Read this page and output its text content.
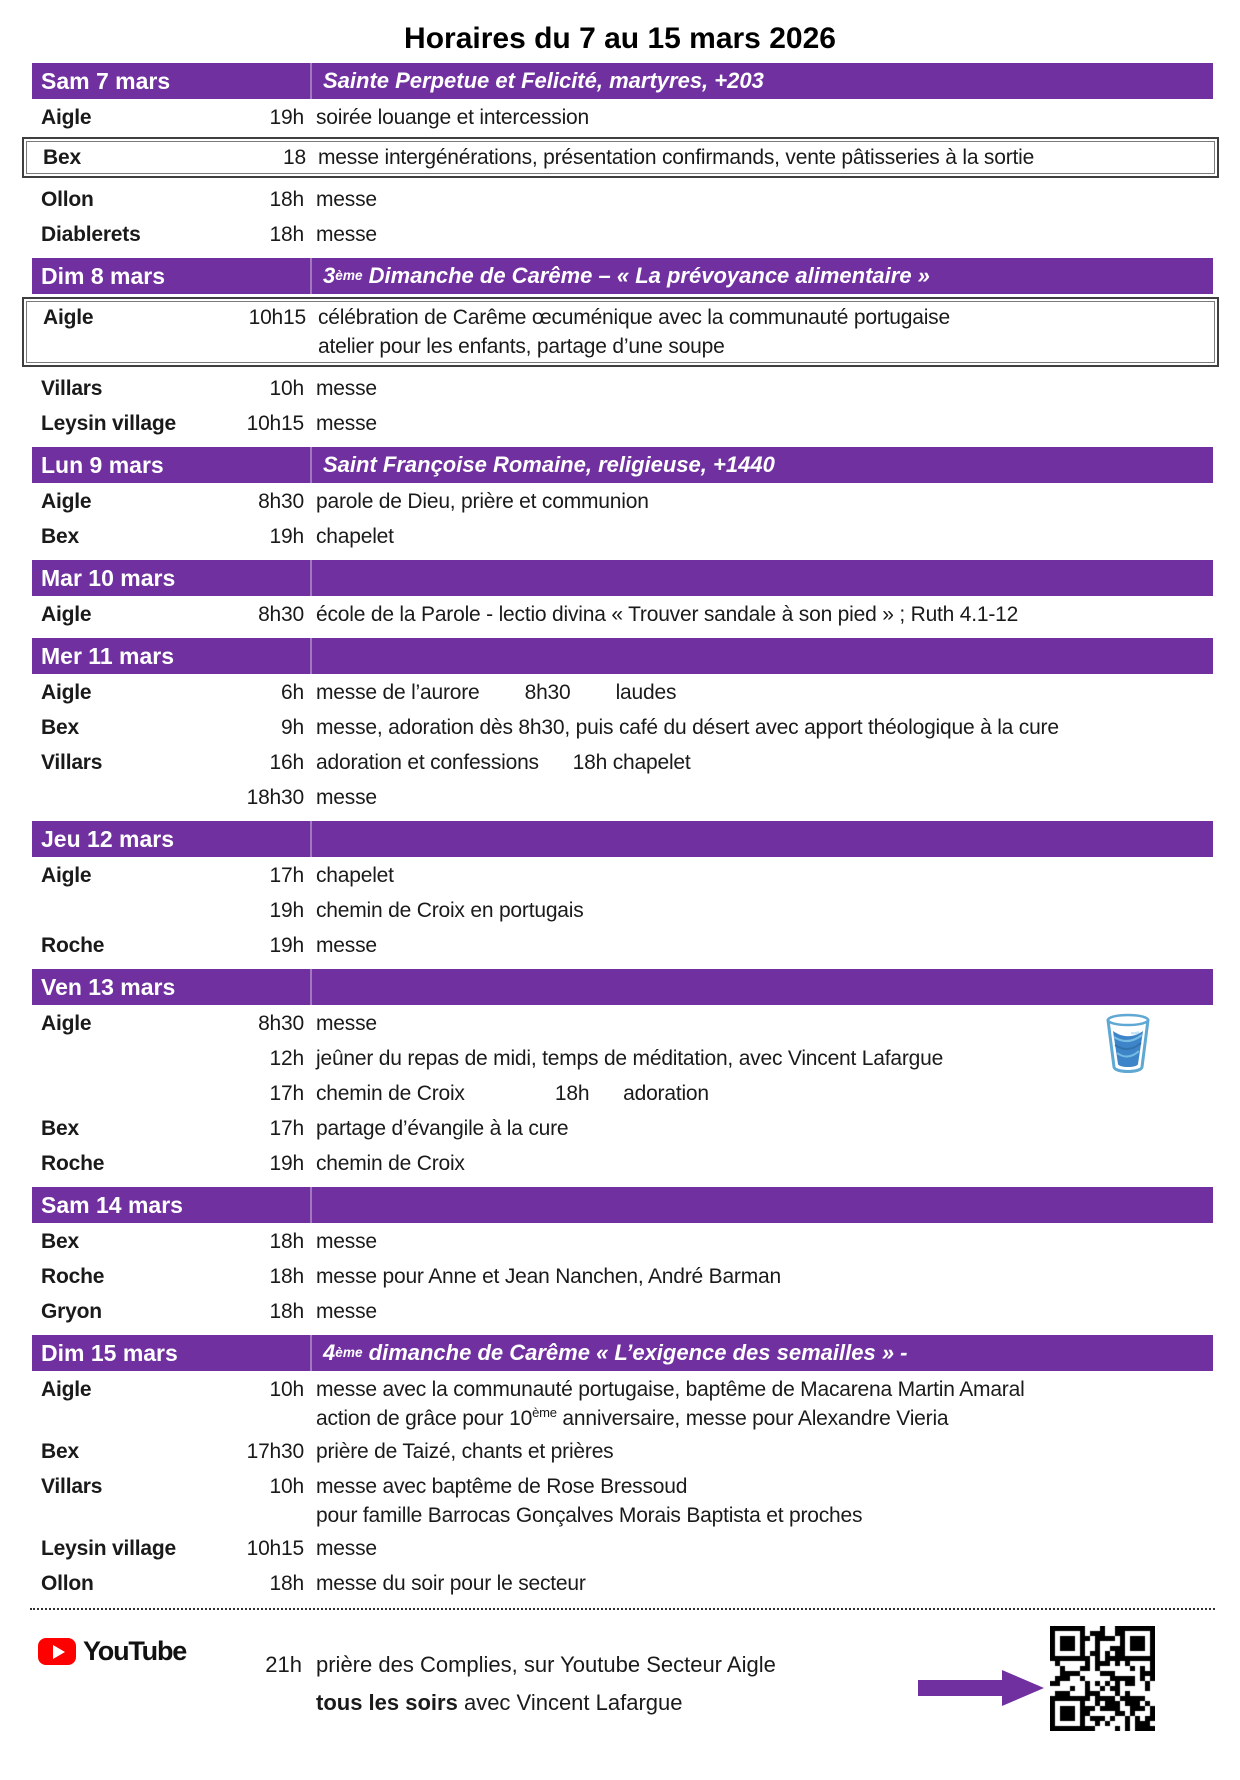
Horaires du 7 au 15 mars 2026
Sam 7 mars	Sainte Perpetue et Felicité, martyres, +203
Aigle	19h soirée louange et intercession
Bex	18 messe intergénérations, présentation confirmands, vente pâtisseries à la sortie
Ollon	18h messe
Diablerets	18h messe
Dim 8 mars	3 ème Dimanche de Carême – « La prévoyance alimentaire »
Aigle	10h15 célébration de Carême œcuménique avec la communauté portugaise
atelier pour les enfants, partage d’une soupe
Villars	10h messe
Leysin village	10h15 messe
Lun 9 mars	Saint Françoise Romaine, religieuse, +1440
Aigle	8h30 parole de Dieu, prière et communion
Bex	19h chapelet
Mar 10 mars
Aigle	8h30 école de la Parole - lectio divina « Trouver sandale à son pied » ; Ruth 4.1-12
Mer 11 mars
Aigle	6h messe de l’aurore        8h30        laudes
Bex	9h messe, adoration dès 8h30, puis café du désert avec apport théologique à la cure
Villars	16h adoration et confessions      18h chapelet
18h30 messe
Jeu 12 mars
Aigle	17h chapelet
19h chemin de Croix en portugais
Roche	19h messe
Ven 13 mars
Aigle	8h30 messe
12h jeûner du repas de midi, temps de méditation, avec Vincent Lafargue
17h chemin de Croix                18h      adoration
Bex	17h partage d’évangile à la cure
Roche	19h chemin de Croix
Sam 14 mars
Bex	18h messe
Roche	18h messe pour Anne et Jean Nanchen, André Barman
Gryon	18h messe
Dim 15 mars	4 ème dimanche de Carême « L’exigence des semailles » -
Aigle	10h messe avec la communauté portugaise, baptême de Macarena Martin Amaral
action de grâce pour 10ème anniversaire, messe pour Alexandre Vieria
Bex	17h30 prière de Taizé, chants et prières
Villars	10h messe avec baptême de Rose Bressoud
pour famille Barrocas Gonçalves Morais Baptista et proches
Leysin village	10h15 messe
Ollon	18h messe du soir pour le secteur
YouTube	21h prière des Complies, sur Youtube Secteur Aigle
tous les soirs avec Vincent Lafargue
